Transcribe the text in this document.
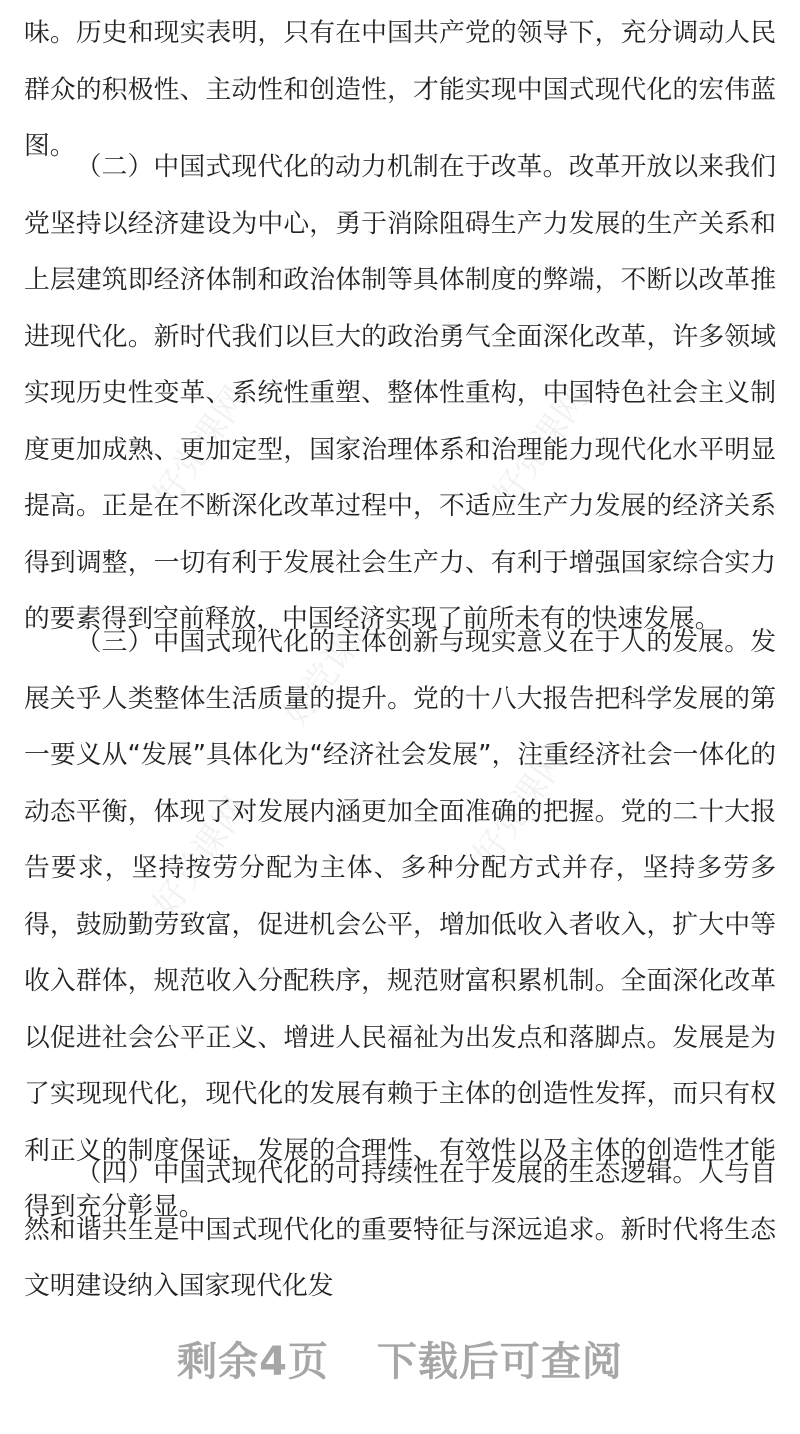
好党课网	好党课网
好党课网
好党课网	好党课网

味。历史和现实表明，只有在中国共产党的领导下，充分调动人民群众的积极性、主动性和创造性，才能实现中国式现代化的宏伟蓝图。

（二）中国式现代化的动力机制在于改革。改革开放以来我们党坚持以经济建设为中心，勇于消除阻碍生产力发展的生产关系和上层建筑即经济体制和政治体制等具体制度的弊端，不断以改革推进现代化。新时代我们以巨大的政治勇气全面深化改革，许多领域实现历史性变革、系统性重塑、整体性重构，中国特色社会主义制度更加成熟、更加定型，国家治理体系和治理能力现代化水平明显提高。正是在不断深化改革过程中，不适应生产力发展的经济关系得到调整，一切有利于发展社会生产力、有利于增强国家综合实力的要素得到空前释放，中国经济实现了前所未有的快速发展。

（三）中国式现代化的主体创新与现实意义在于人的发展。发展关乎人类整体生活质量的提升。党的十八大报告把科学发展的第一要义从“发展”具体化为“经济社会发展”，注重经济社会一体化的动态平衡，体现了对发展内涵更加全面准确的把握。党的二十大报告要求，坚持按劳分配为主体、多种分配方式并存，坚持多劳多得，鼓励勤劳致富，促进机会公平，增加低收入者收入，扩大中等收入群体，规范收入分配秩序，规范财富积累机制。全面深化改革以促进社会公平正义、增进人民福祉为出发点和落脚点。发展是为了实现现代化，现代化的发展有赖于主体的创造性发挥，而只有权利正义的制度保证，发展的合理性、有效性以及主体的创造性才能得到充分彰显。

（四）中国式现代化的可持续性在于发展的生态逻辑。人与自然和谐共生是中国式现代化的重要特征与深远追求。新时代将生态文明建设纳入国家现代化发

剩余4页 下载后可查阅
